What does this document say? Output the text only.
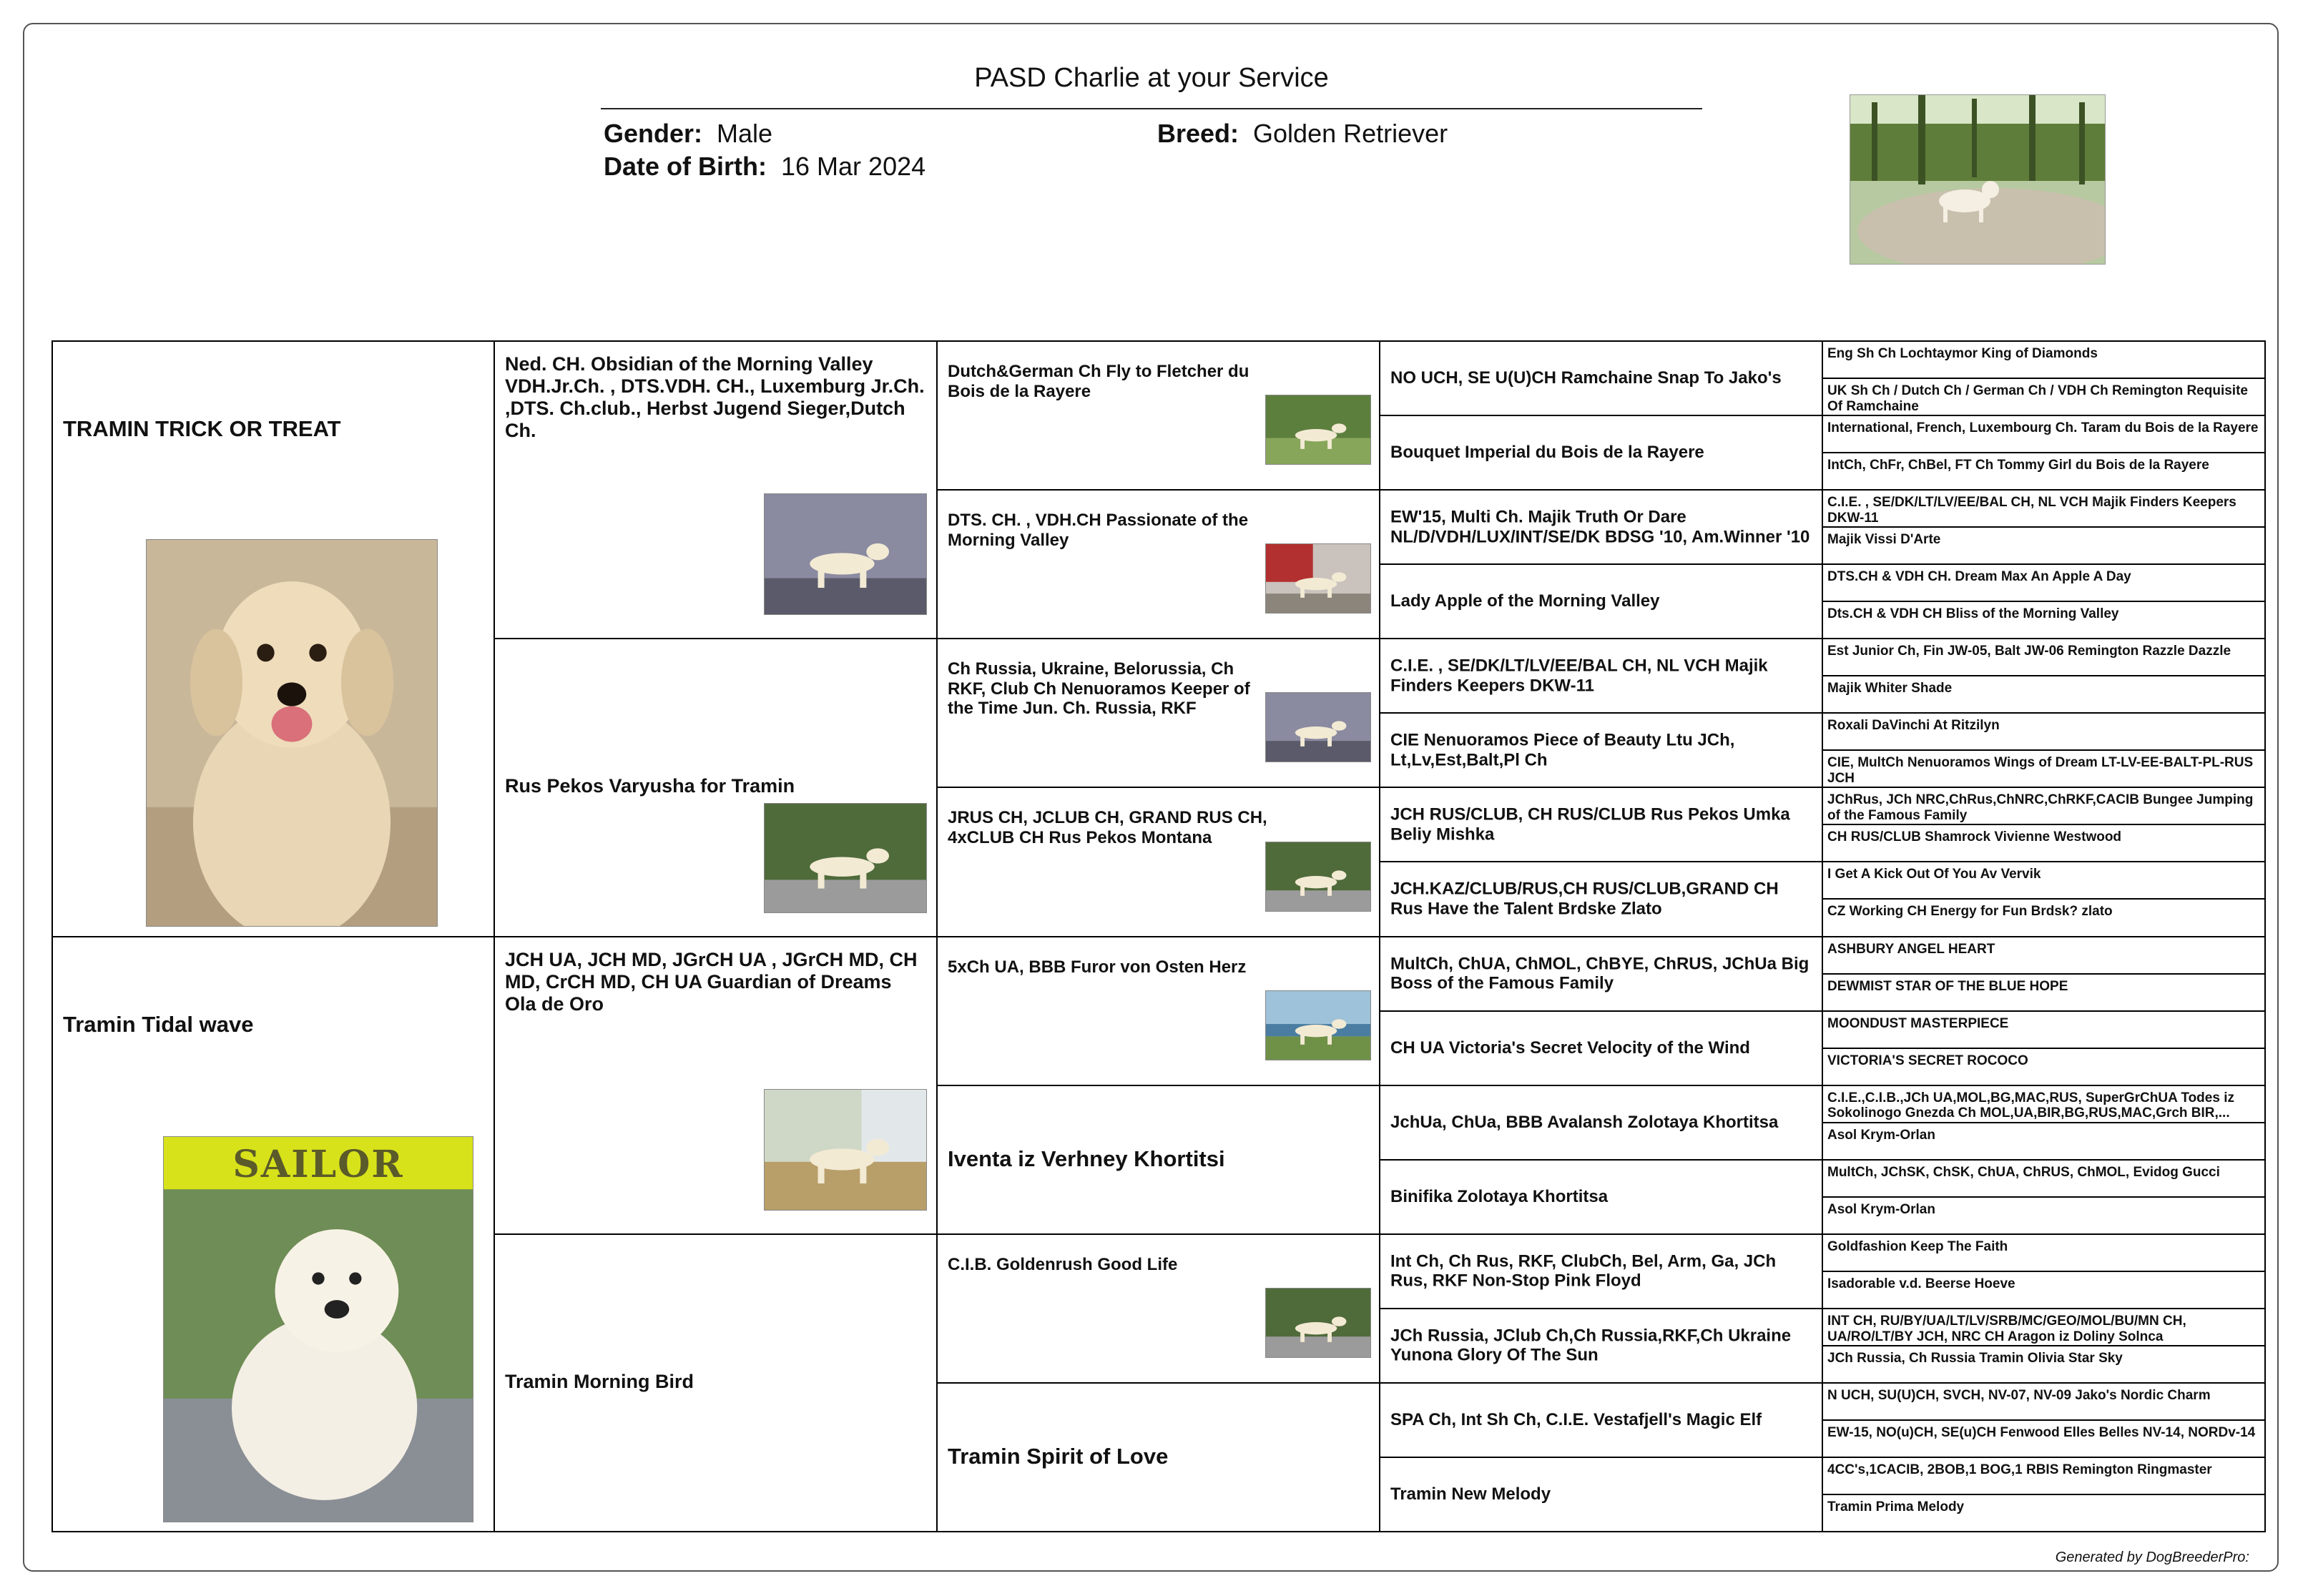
PASD Charlie at your Service
Gender: Male	Breed: Golden Retriever
Date of Birth: 16 Mar 2024
TRAMIN TRICK OR TREAT
Tramin Tidal wave
SAILOR
Ned. CH. Obsidian of the Morning Valley VDH.Jr.Ch. , DTS.VDH. CH., Luxemburg Jr.Ch. ,DTS. Ch.club., Herbst Jugend Sieger,Dutch Ch.
Rus Pekos Varyusha for Tramin
JCH UA, JCH MD, JGrCH UA , JGrCH MD, CH MD, CrCH MD, CH UA Guardian of Dreams Ola de Oro
Tramin Morning Bird
Dutch&German Ch Fly to Fletcher du Bois de la Rayere
DTS. CH. , VDH.CH Passionate of the Morning Valley
Ch Russia, Ukraine, Belorussia, Ch RKF, Club Ch Nenuoramos Keeper of the Time Jun. Ch. Russia, RKF
JRUS CH, JCLUB CH, GRAND RUS CH, 4xCLUB CH Rus Pekos Montana
5xCh UA, BBB Furor von Osten Herz
Iventa iz Verhney Khortitsi
C.I.B. Goldenrush Good Life
Tramin Spirit of Love
NO UCH, SE U(U)CH Ramchaine Snap To Jako's
Bouquet Imperial du Bois de la Rayere
EW'15, Multi Ch. Majik Truth Or Dare NL/D/VDH/LUX/INT/SE/DK BDSG '10, Am.Winner '10
Lady Apple of the Morning Valley
C.I.E. , SE/DK/LT/LV/EE/BAL CH, NL VCH Majik Finders Keepers DKW-11
CIE Nenuoramos Piece of Beauty Ltu JCh, Lt,Lv,Est,Balt,Pl Ch
JCH RUS/CLUB, CH RUS/CLUB Rus Pekos Umka Beliy Mishka
JCH.KAZ/CLUB/RUS,CH RUS/CLUB,GRAND CH Rus Have the Talent Brdske Zlato
MultCh, ChUA, ChMOL, ChBYE, ChRUS, JChUa Big Boss of the Famous Family
CH UA Victoria's Secret Velocity of the Wind
JchUa, ChUa, BBB Avalansh Zolotaya Khortitsa
Binifika Zolotaya Khortitsa
Int Ch, Ch Rus, RKF, ClubCh, Bel, Arm, Ga, JCh Rus, RKF Non-Stop Pink Floyd
JCh Russia, JClub Ch,Ch Russia,RKF,Ch Ukraine Yunona Glory Of The Sun
SPA Ch, Int Sh Ch, C.I.E. Vestafjell's Magic Elf
Tramin New Melody
Eng Sh Ch Lochtaymor King of Diamonds
UK Sh Ch / Dutch Ch / German Ch / VDH Ch Remington Requisite Of Ramchaine
International, French, Luxembourg Ch. Taram du Bois de la Rayere
IntCh, ChFr, ChBel, FT Ch Tommy Girl du Bois de la Rayere
C.I.E. , SE/DK/LT/LV/EE/BAL CH, NL VCH Majik Finders Keepers DKW-11
Majik Vissi D'Arte
DTS.CH & VDH CH. Dream Max An Apple A Day
Dts.CH & VDH CH Bliss of the Morning Valley
Est Junior Ch, Fin JW-05, Balt JW-06 Remington Razzle Dazzle
Majik Whiter Shade
Roxali DaVinchi At Ritzilyn
CIE, MultCh Nenuoramos Wings of Dream LT-LV-EE-BALT-PL-RUS JCH
JChRus, JCh NRC,ChRus,ChNRC,ChRKF,CACIB Bungee Jumping of the Famous Family
CH RUS/CLUB Shamrock Vivienne Westwood
I Get A Kick Out Of You Av Vervik
CZ Working CH Energy for Fun Brdsk? zlato
ASHBURY ANGEL HEART
DEWMIST STAR OF THE BLUE HOPE
MOONDUST MASTERPIECE
VICTORIA'S SECRET ROCOCO
C.I.E.,C.I.B.,JCh UA,MOL,BG,MAC,RUS, SuperGrChUA Todes iz Sokolinogo Gnezda Ch MOL,UA,BIR,BG,RUS,MAC,Grch BIR,...
Asol Krym-Orlan
MultCh, JChSK, ChSK, ChUA, ChRUS, ChMOL, Evidog Gucci
Asol Krym-Orlan
Goldfashion Keep The Faith
Isadorable v.d. Beerse Hoeve
INT CH, RU/BY/UA/LT/LV/SRB/MC/GEO/MOL/BU/MN CH, UA/RO/LT/BY JCH, NRC CH Aragon iz Doliny Solnca
JCh Russia, Ch Russia Tramin Olivia Star Sky
N UCH, SU(U)CH, SVCH, NV-07, NV-09 Jako's Nordic Charm
EW-15, NO(u)CH, SE(u)CH Fenwood Elles Belles NV-14, NORDv-14
4CC's,1CACIB, 2BOB,1 BOG,1 RBIS Remington Ringmaster
Tramin Prima Melody
Generated by DogBreederPro:
